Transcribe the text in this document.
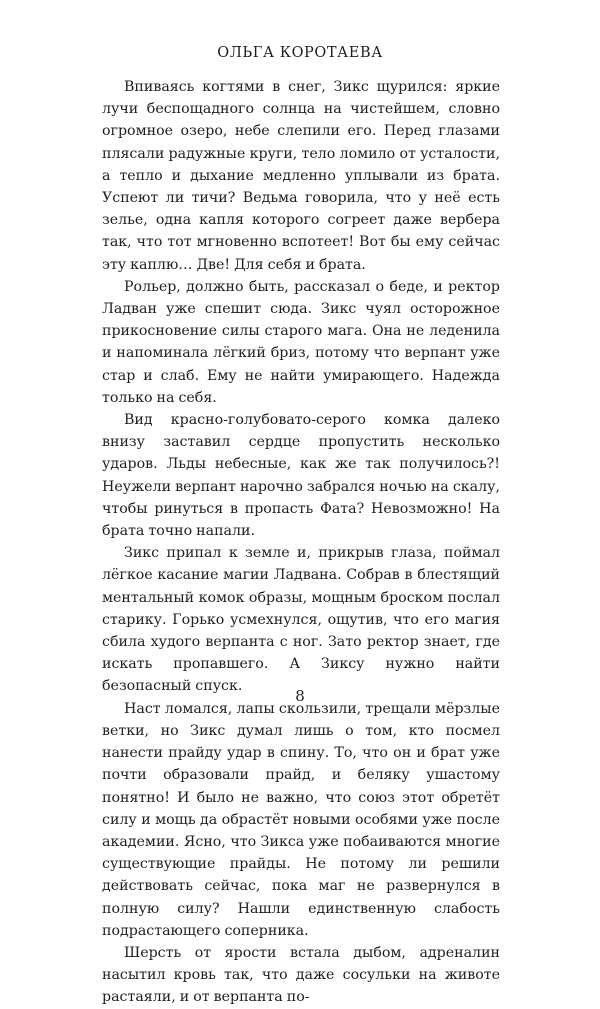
ОЛЬГА КОРОТАЕВА

Впиваясь когтями в снег, Зикс щурился: яркие лучи беспощадного солнца на чистейшем, словно огромное озеро, небе слепили его. Перед глазами плясали радужные круги, тело ломило от усталости, а тепло и дыхание медленно уплывали из брата. Успеют ли тичи? Ведьма говорила, что у неё есть зелье, одна капля которого согреет даже вербера так, что тот мгновенно вспотеет! Вот бы ему сейчас эту каплю… Две! Для себя и брата.

Рольер, должно быть, рассказал о беде, и ректор Ладван уже спешит сюда. Зикс чуял осторожное прикосновение силы старого мага. Она не леденила и напоминала лёгкий бриз, потому что верпант уже стар и слаб. Ему не найти умирающего. Надежда только на себя.

Вид красно-голубовато-серого комка далеко внизу заставил сердце пропустить несколько ударов. Льды небесные, как же так получилось?! Неужели верпант нарочно забрался ночью на скалу, чтобы ринуться в пропасть Фата? Невозможно! На брата точно напали.

Зикс припал к земле и, прикрыв глаза, поймал лёгкое касание магии Ладвана. Собрав в блестящий ментальный комок образы, мощным броском послал старику. Горько усмехнулся, ощутив, что его магия сбила худого верпанта с ног. Зато ректор знает, где искать пропавшего. А Зиксу нужно найти безопасный спуск.

Наст ломался, лапы скользили, трещали мёрзлые ветки, но Зикс думал лишь о том, кто посмел нанести прайду удар в спину. То, что он и брат уже почти образовали прайд, и беляку ушастому понятно! И было не важно, что союз этот обретёт силу и мощь да обрастёт новыми особями уже после академии. Ясно, что Зикса уже побаиваются многие существующие прайды. Не потому ли решили действовать сейчас, пока маг не развернулся в полную силу? Нашли единственную слабость подрастающего соперника.

Шерсть от ярости встала дыбом, адреналин насытил кровь так, что даже сосульки на животе растаяли, и от верпанта по-

8
